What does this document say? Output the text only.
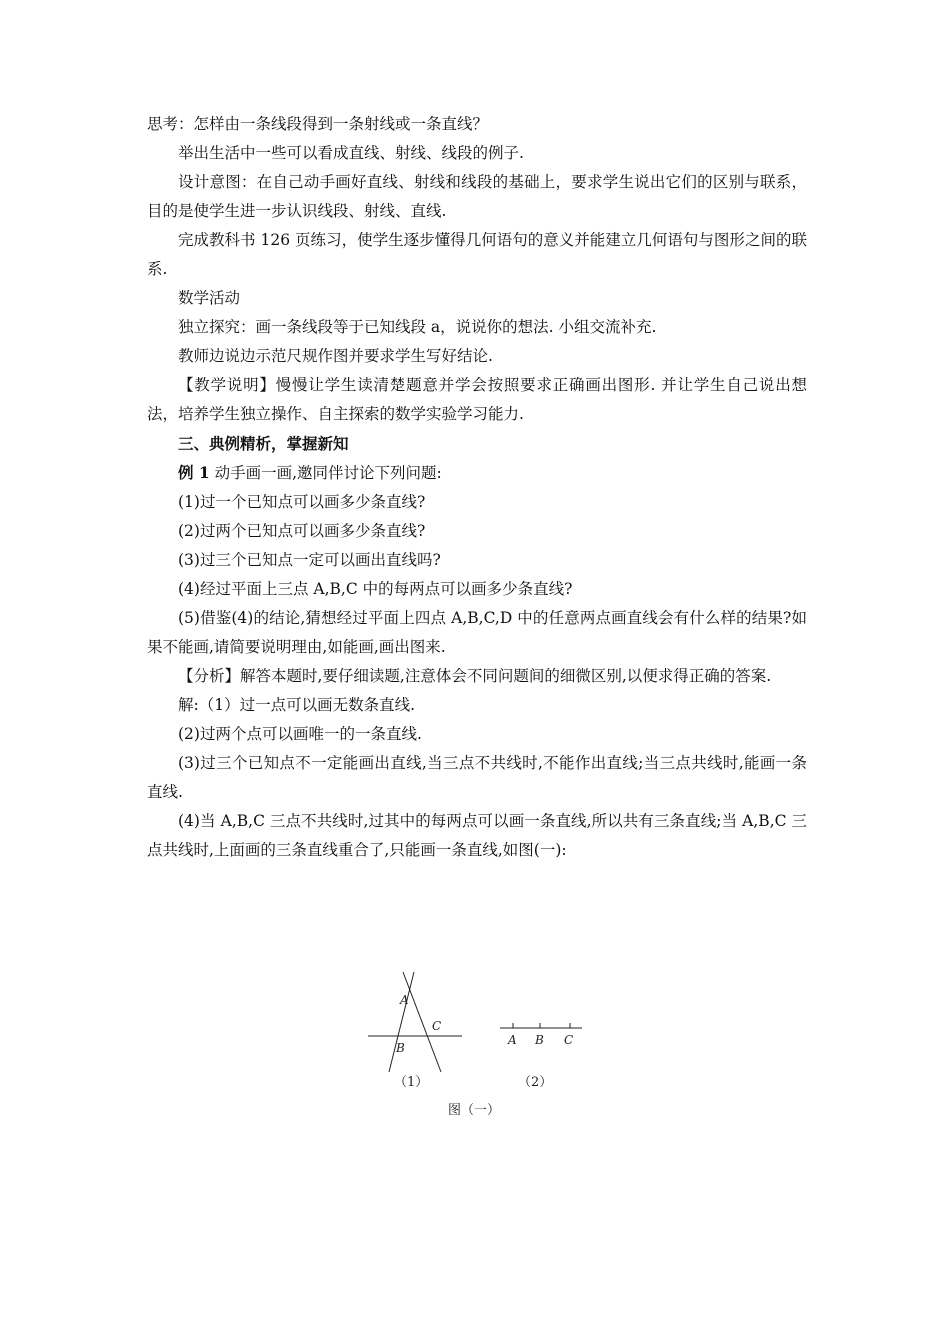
思考：怎样由一条线段得到一条射线或一条直线？

举出生活中一些可以看成直线、射线、线段的例子.

设计意图：在自己动手画好直线、射线和线段的基础上，要求学生说出它们的区别与联系，目的是使学生进一步认识线段、射线、直线.

完成教科书 126 页练习，使学生逐步懂得几何语句的意义并能建立几何语句与图形之间的联系.

数学活动

独立探究：画一条线段等于已知线段 a，说说你的想法. 小组交流补充.

教师边说边示范尺规作图并要求学生写好结论.

【教学说明】慢慢让学生读清楚题意并学会按照要求正确画出图形. 并让学生自己说出想法，培养学生独立操作、自主探索的数学实验学习能力.

三、典例精析，掌握新知

例 1 动手画一画,邀同伴讨论下列问题:

(1)过一个已知点可以画多少条直线?

(2)过两个已知点可以画多少条直线?

(3)过三个已知点一定可以画出直线吗?

(4)经过平面上三点 A,B,C 中的每两点可以画多少条直线?

(5)借鉴(4)的结论,猜想经过平面上四点 A,B,C,D 中的任意两点画直线会有什么样的结果?如果不能画,请简要说明理由,如能画,画出图来.

【分析】解答本题时,要仔细读题,注意体会不同问题间的细微区别,以便求得正确的答案.

解:（1）过一点可以画无数条直线.

(2)过两个点可以画唯一的一条直线.

(3)过三个已知点不一定能画出直线,当三点不共线时,不能作出直线;当三点共线时,能画一条直线.

(4)当 A,B,C 三点不共线时,过其中的每两点可以画一条直线,所以共有三条直线;当 A,B,C 三点共线时,上面画的三条直线重合了,只能画一条直线,如图(一):

A
B
C
A B C
（1）	（2）
图（一）
